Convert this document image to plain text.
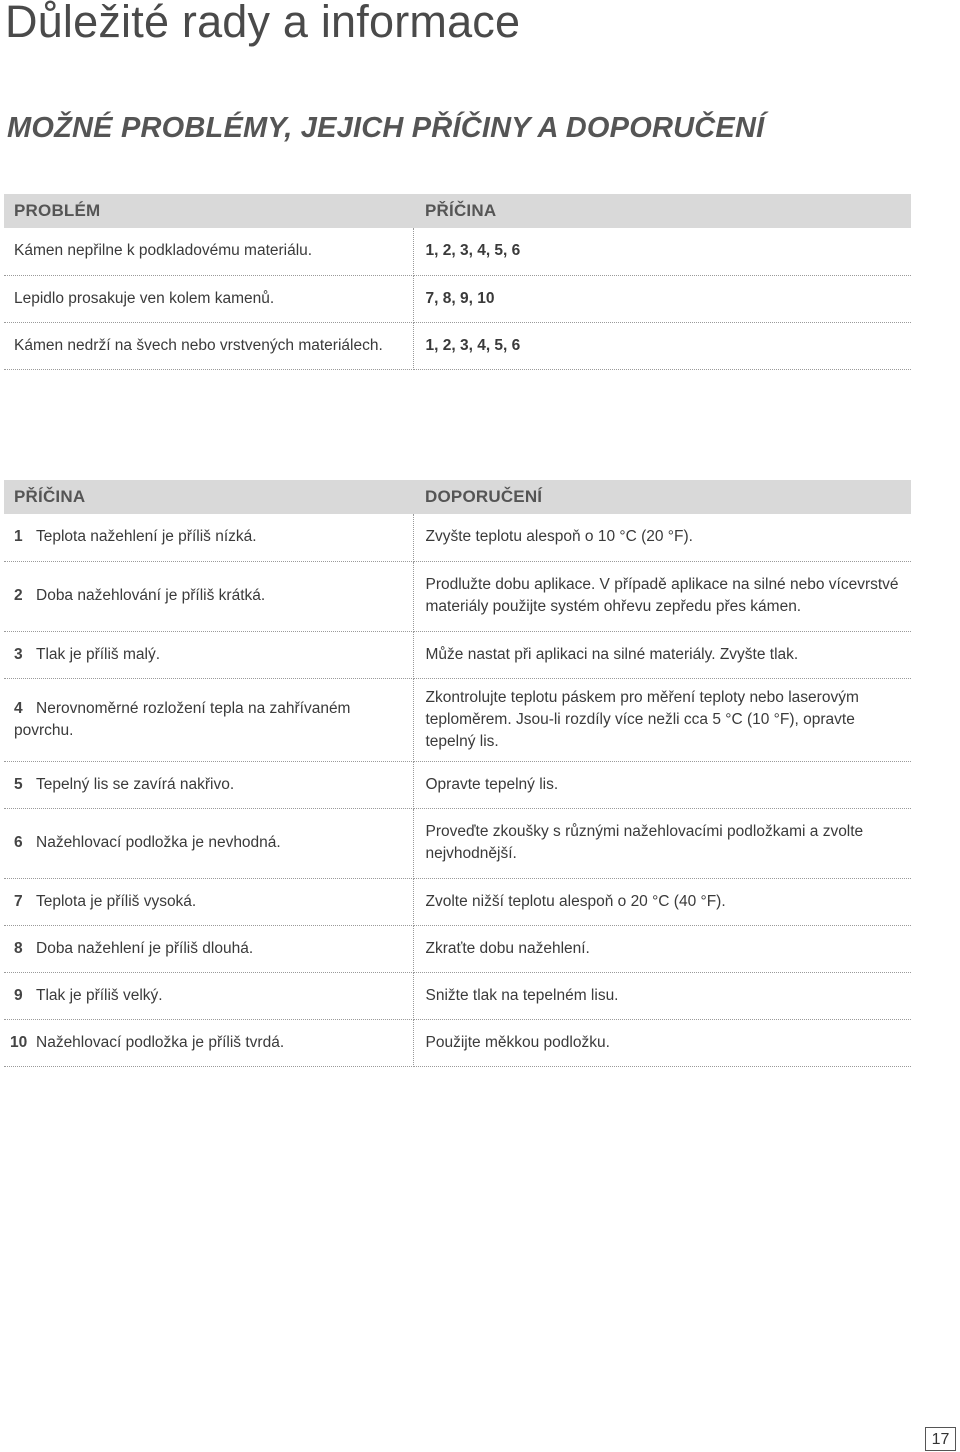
Důležité rady a informace
MOŽNÉ PROBLÉMY, JEJICH PŘÍČINY A DOPORUČENÍ
PROBLÉM	PŘÍČINA
Kámen nepřilne k podkladovému materiálu.	1, 2, 3, 4, 5, 6
Lepidlo prosakuje ven kolem kamenů.	7, 8, 9, 10
Kámen nedrží na švech nebo vrstvených materiálech.	1, 2, 3, 4, 5, 6
PŘÍČINA	DOPORUČENÍ
1 Teplota nažehlení je příliš nízká.	Zvyšte teplotu alespoň o 10 °C (20 °F).
2 Doba nažehlování je příliš krátká.	Prodlužte dobu aplikace. V případě aplikace na silné nebo vícevrstvé materiály použijte systém ohřevu zepředu přes kámen.
3 Tlak je příliš malý.	Může nastat při aplikaci na silné materiály. Zvyšte tlak.
4 Nerovnoměrné rozložení tepla na zahřívaném povrchu.	Zkontrolujte teplotu páskem pro měření teploty nebo laserovým teploměrem. Jsou-li rozdíly více nežli cca 5 °C (10 °F), opravte tepelný lis.
5 Tepelný lis se zavírá nakřivo.	Opravte tepelný lis.
6 Nažehlovací podložka je nevhodná.	Proveďte zkoušky s různými nažehlovacími podložkami a zvolte nejvhodnější.
7 Teplota je příliš vysoká.	Zvolte nižší teplotu alespoň o 20 °C (40 °F).
8 Doba nažehlení je příliš dlouhá.	Zkraťte dobu nažehlení.
9 Tlak je příliš velký.	Snižte tlak na tepelném lisu.
10 Nažehlovací podložka je příliš tvrdá.	Použijte měkkou podložku.
17
